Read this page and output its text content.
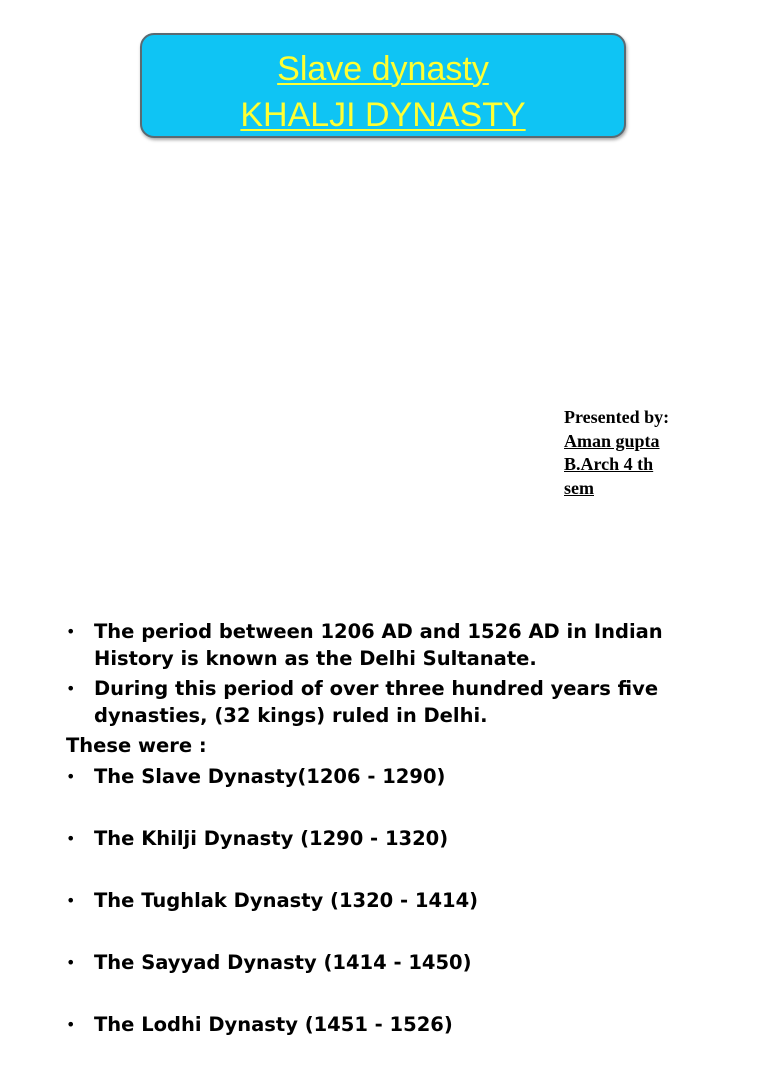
Slave dynasty
KHALJI DYNASTY
Presented by:
Aman gupta
B.Arch 4 th
sem
• The period between 1206 AD and 1526 AD in Indian History is known as the Delhi Sultanate.
• During this period of over three hundred years five dynasties, (32 kings) ruled in Delhi.
These were :
• The Slave Dynasty(1206 - 1290)
• The Khilji Dynasty (1290 - 1320)
• The Tughlak Dynasty (1320 - 1414)
• The Sayyad Dynasty (1414 - 1450)
• The Lodhi Dynasty (1451 - 1526)
